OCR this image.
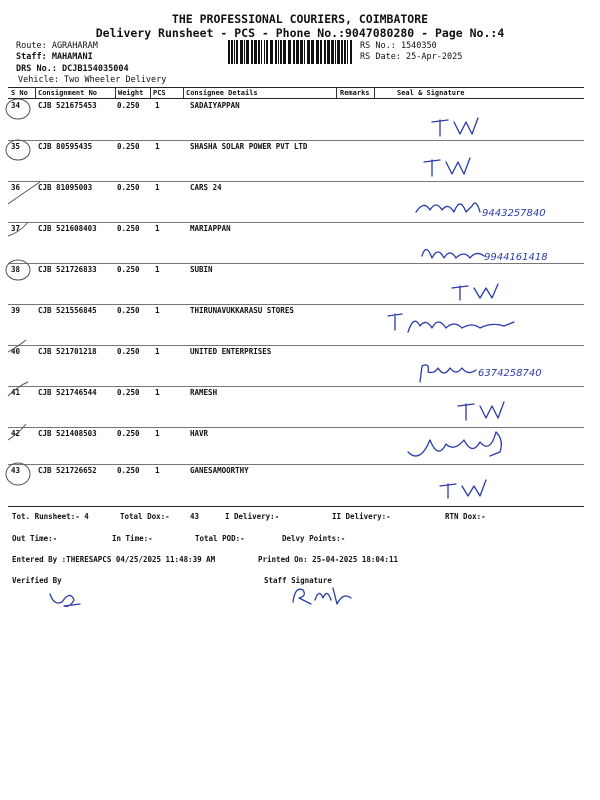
THE PROFESSIONAL COURIERS, COIMBATORE
Delivery Runsheet - PCS - Phone No.:9047080280 - Page No.:4
Route: AGRAHARAM
Staff: MAHAMANI
DRS No.: DCJB154035004
Vehicle: Two Wheeler Delivery
RS No.: 1540350
RS Date: 25-Apr-2025
S No Consignment No	Weight PCS	Consignee Details	Remarks	Seal & Signature
34 CJB 521675453	0.250 1	SADAIYAPPAN
35 CJB 80595435	0.250 1	SHASHA SOLAR POWER PVT LTD
36 CJB 81095003	0.250 1	CARS 24
37 CJB 521608403	0.250 1	MARIAPPAN
38 CJB 521726833	0.250 1	SUBIN
39 CJB 521556845	0.250 1	THIRUNAVUKKARASU STORES
40 CJB 521701218	0.250 1	UNITED ENTERPRISES
41 CJB 521746544	0.250 1	RAMESH
42 CJB 521408503	0.250 1	HAVR
43 CJB 521726652	0.250 1	GANESAMOORTHY
9443257840
9944161418
6374258740
Tot. Runsheet:- 4	Total Dox:-	43	I Delivery:-	II Delivery:-	RTN Dox:-
Out Time:-	In Time:-	Total POD:-	Delvy Points:-
Entered By :THERESAPCS 04/25/2025 11:48:39 AM	Printed On: 25-04-2025 18:04:11
Verified By	Staff Signature
